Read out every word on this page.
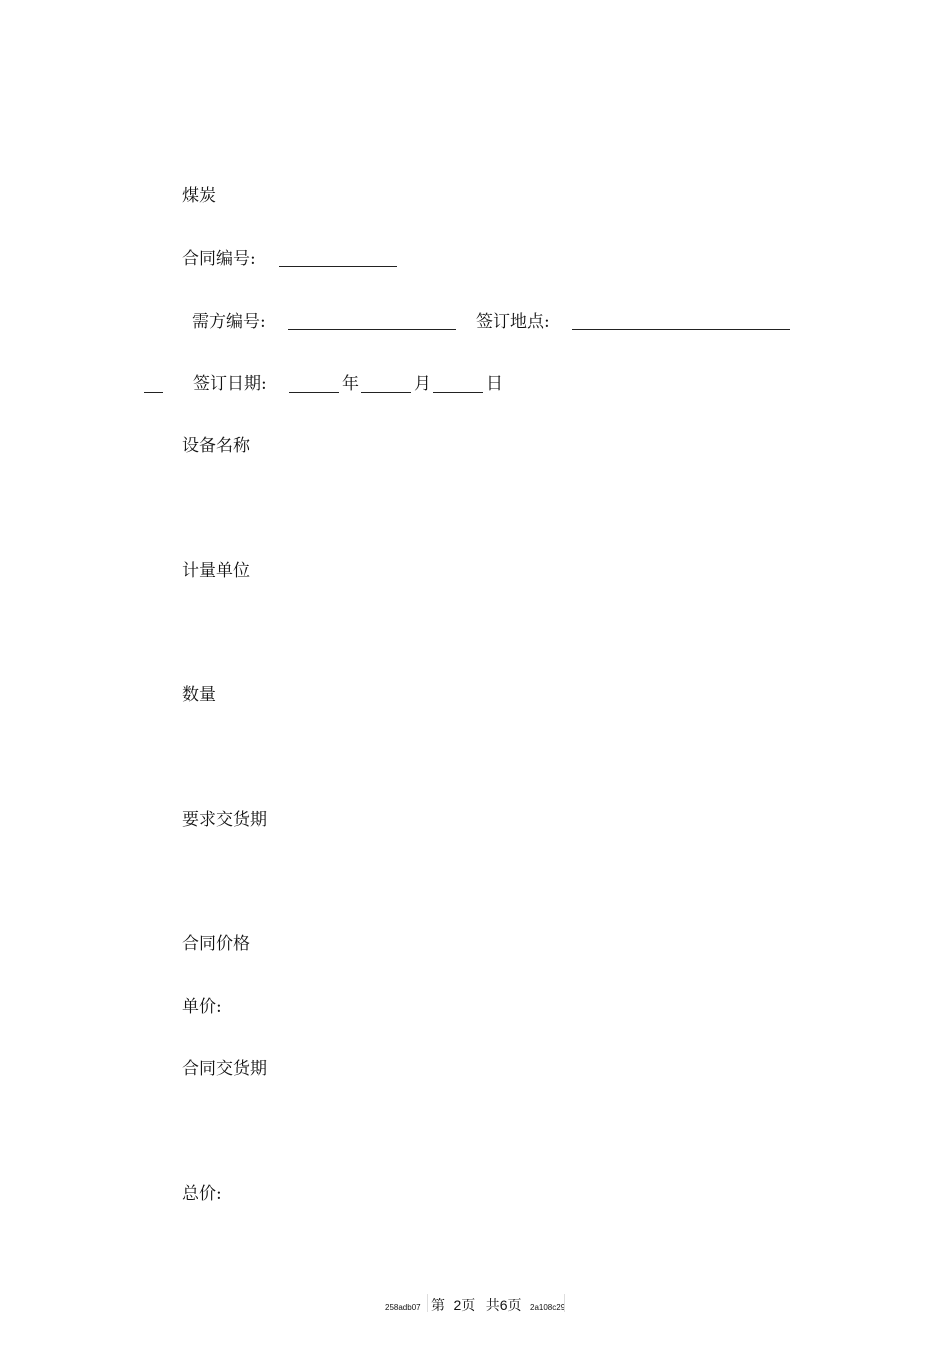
煤炭
合同编号:
需方编号:	签订地点:
签订日期:	年	月	日
设备名称
计量单位
数量
要求交货期
合同价格
单价:
合同交货期
总价:
258adb07 第 2页 共6页 2a108c29
